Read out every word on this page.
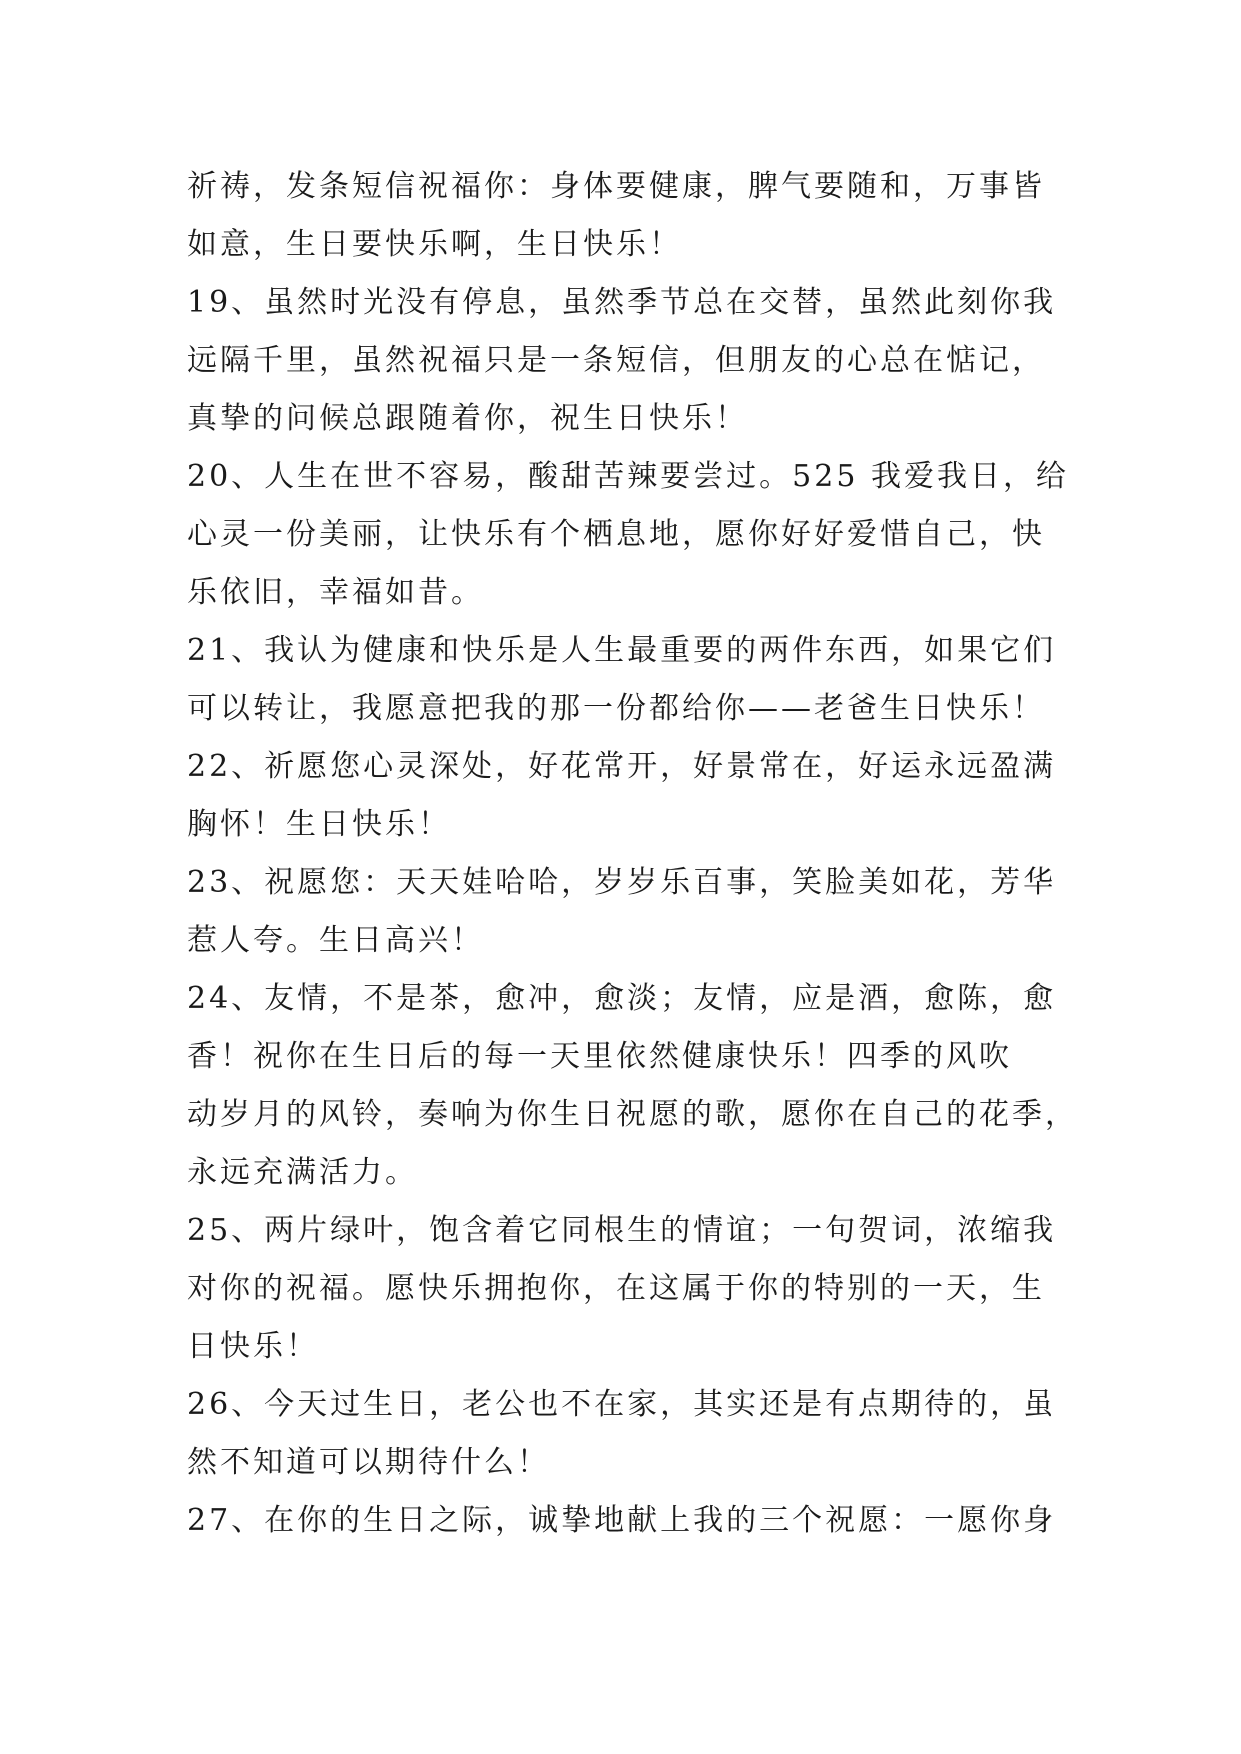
祈祷，发条短信祝福你：身体要健康，脾气要随和，万事皆
如意，生日要快乐啊，生日快乐！
19、虽然时光没有停息，虽然季节总在交替，虽然此刻你我
远隔千里，虽然祝福只是一条短信，但朋友的心总在惦记，
真挚的问候总跟随着你，祝生日快乐！
20、人生在世不容易，酸甜苦辣要尝过。525 我爱我日，给
心灵一份美丽，让快乐有个栖息地，愿你好好爱惜自己，快
乐依旧，幸福如昔。
21、我认为健康和快乐是人生最重要的两件东西，如果它们
可以转让，我愿意把我的那一份都给你——老爸生日快乐！
22、祈愿您心灵深处，好花常开，好景常在，好运永远盈满
胸怀！生日快乐！
23、祝愿您：天天娃哈哈，岁岁乐百事，笑脸美如花，芳华
惹人夸。生日高兴！
24、友情，不是茶，愈冲，愈淡；友情，应是酒，愈陈，愈
香！祝你在生日后的每一天里依然健康快乐！四季的风吹
动岁月的风铃，奏响为你生日祝愿的歌，愿你在自己的花季，
永远充满活力。
25、两片绿叶，饱含着它同根生的情谊；一句贺词，浓缩我
对你的祝福。愿快乐拥抱你，在这属于你的特别的一天，生
日快乐！
26、今天过生日，老公也不在家，其实还是有点期待的，虽
然不知道可以期待什么！
27、在你的生日之际，诚挚地献上我的三个祝愿：一愿你身
